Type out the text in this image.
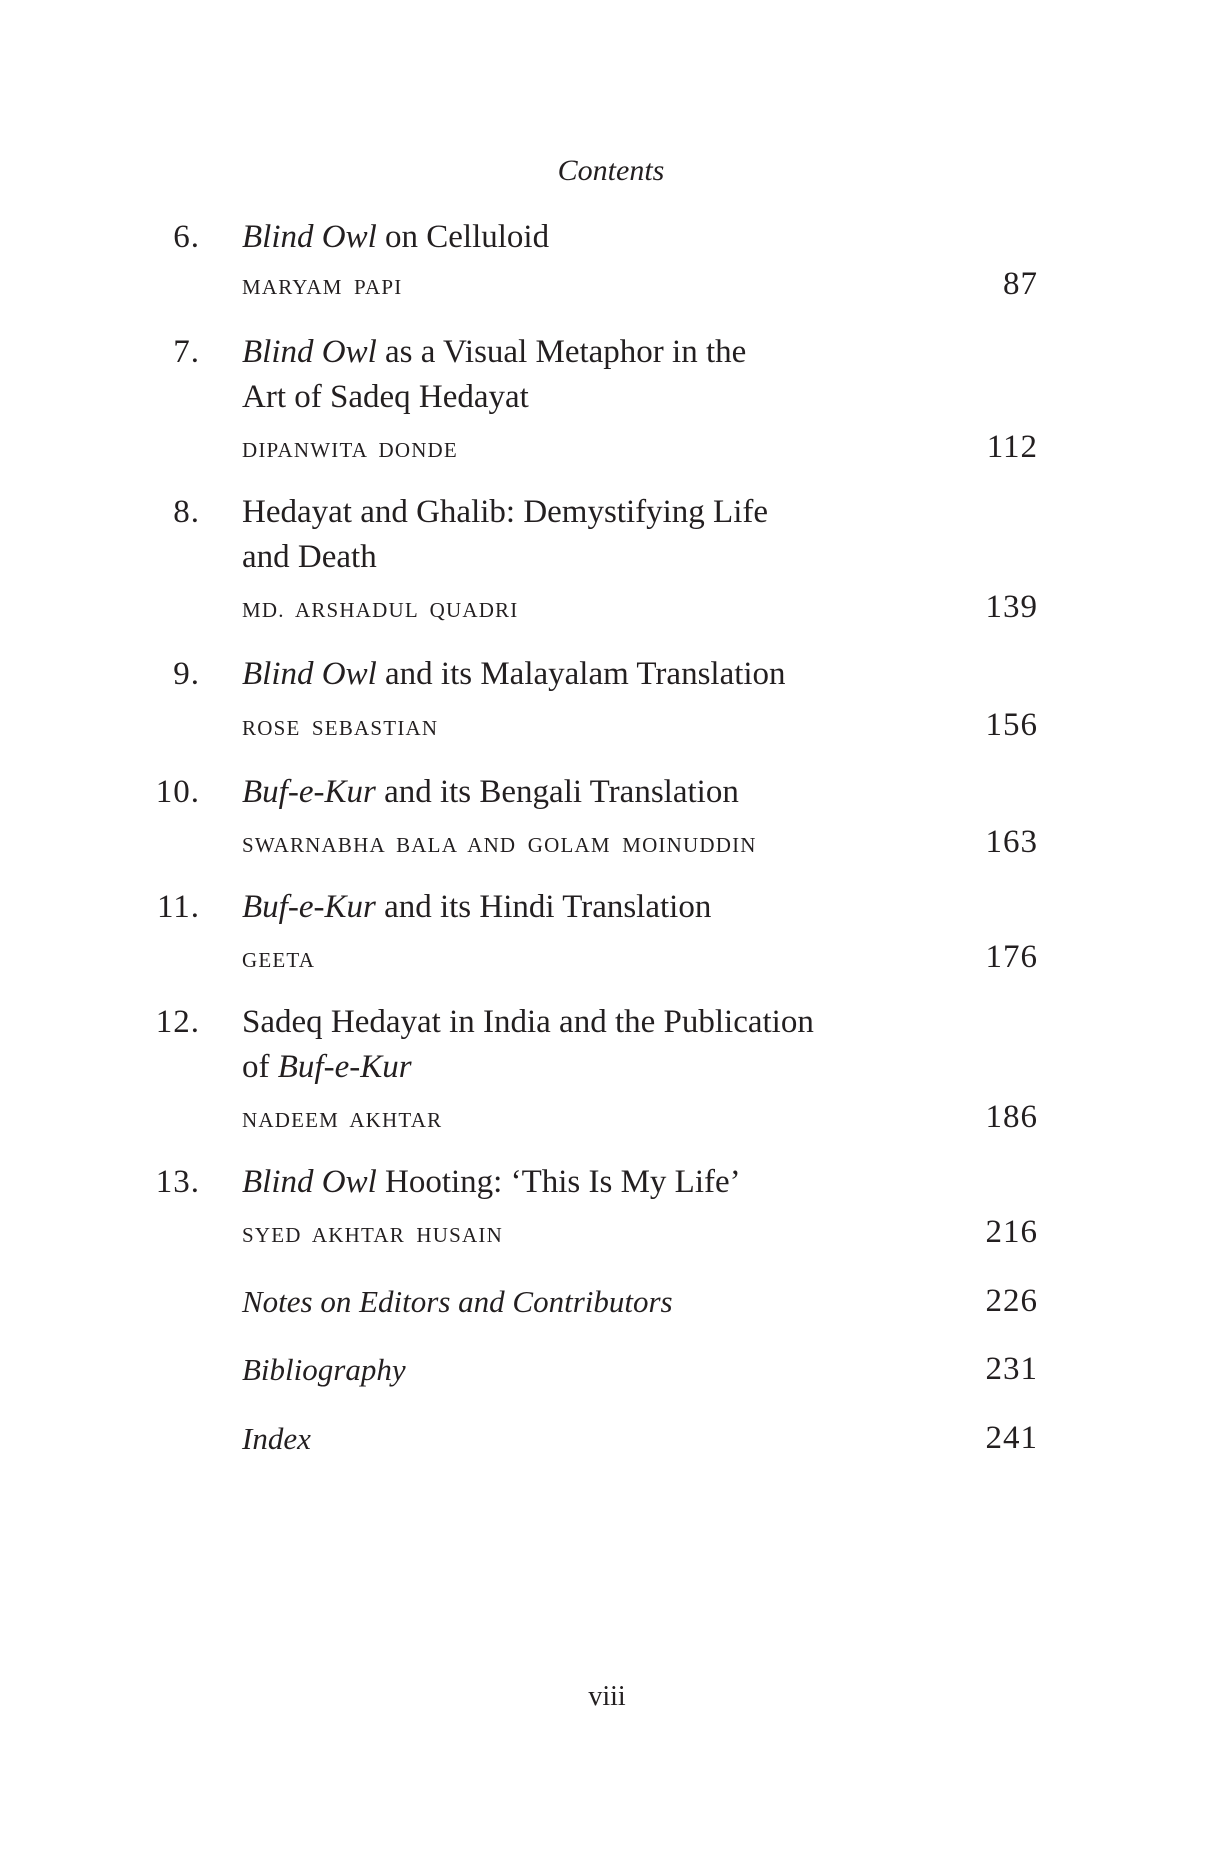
Contents
6. Blind Owl on Celluloid
MARYAM PAPI	87
7. Blind Owl as a Visual Metaphor in the
Art of Sadeq Hedayat
DIPANWITA DONDE	112
8. Hedayat and Ghalib: Demystifying Life
and Death
MD. ARSHADUL QUADRI	139
9. Blind Owl and its Malayalam Translation
ROSE SEBASTIAN	156
10. Buf-e-Kur and its Bengali Translation
SWARNABHA BALA AND GOLAM MOINUDDIN	163
11. Buf-e-Kur and its Hindi Translation
GEETA	176
12. Sadeq Hedayat in India and the Publication
of Buf-e-Kur
NADEEM AKHTAR	186
13. Blind Owl Hooting: ‘This Is My Life’
SYED AKHTAR HUSAIN	216
Notes on Editors and Contributors	226
Bibliography	231
Index	241
viii
